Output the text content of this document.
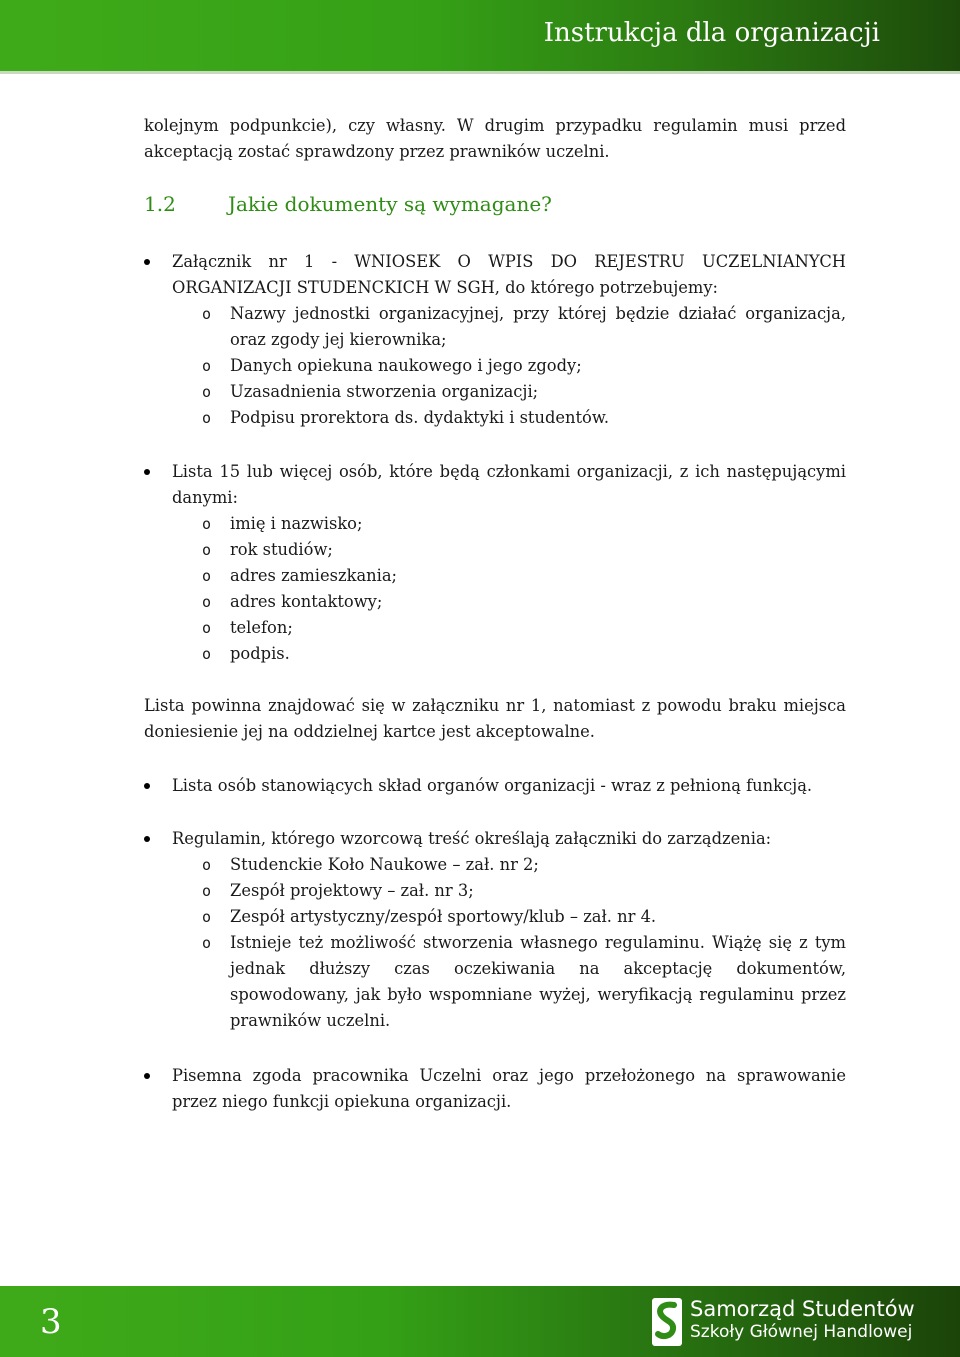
Instrukcja dla organizacji
kolejnym podpunkcie), czy własny. W drugim przypadku regulamin musi przed akceptacją zostać sprawdzony przez prawników uczelni.
1.2	Jakie dokumenty są wymagane?
Załącznik nr 1 - WNIOSEK O WPIS DO REJESTRU UCZELNIANYCH ORGANIZACJI STUDENCKICH W SGH, do którego potrzebujemy:
o Nazwy jednostki organizacyjnej, przy której będzie działać organizacja, oraz zgody jej kierownika;
o Danych opiekuna naukowego i jego zgody;
o Uzasadnienia stworzenia organizacji;
o Podpisu prorektora ds. dydaktyki i studentów.
Lista 15 lub więcej osób, które będą członkami organizacji, z ich następującymi danymi:
o imię i nazwisko;
o rok studiów;
o adres zamieszkania;
o adres kontaktowy;
o telefon;
o podpis.
Lista powinna znajdować się w załączniku nr 1, natomiast z powodu braku miejsca doniesienie jej na oddzielnej kartce jest akceptowalne.
Lista osób stanowiących skład organów organizacji - wraz z pełnioną funkcją.
Regulamin, którego wzorcową treść określają załączniki do zarządzenia:
o Studenckie Koło Naukowe – zał. nr 2;
o Zespół projektowy – zał. nr 3;
o Zespół artystyczny/zespół sportowy/klub – zał. nr 4.
o Istnieje też możliwość stworzenia własnego regulaminu. Wiążę się z tym jednak dłuższy czas oczekiwania na akceptację dokumentów, spowodowany, jak było wspomniane wyżej, weryfikacją regulaminu przez prawników uczelni.
Pisemna zgoda pracownika Uczelni oraz jego przełożonego na sprawowanie przez niego funkcji opiekuna organizacji.
3	Samorząd Studentów
Szkoły Głównej Handlowej
